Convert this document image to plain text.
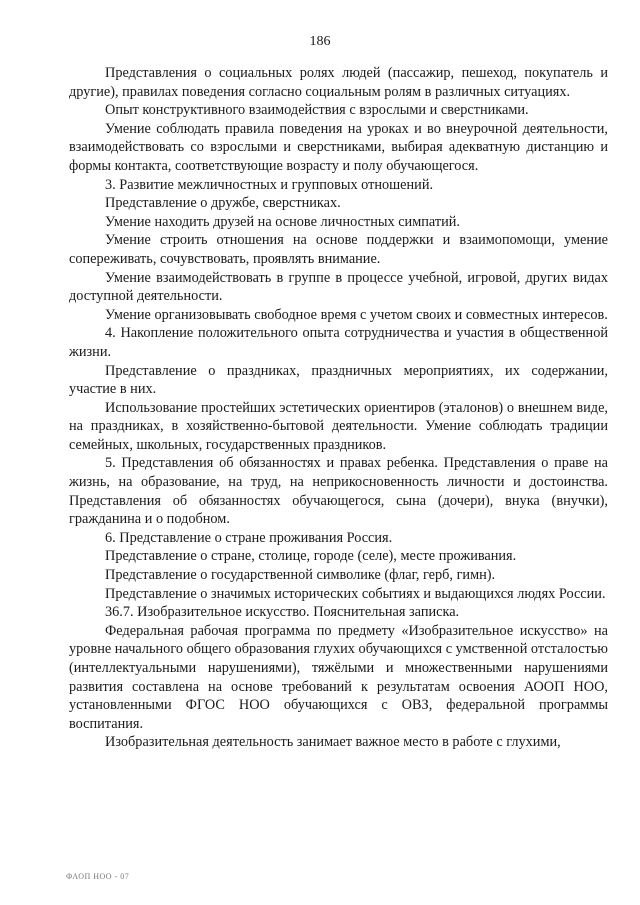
186

Представления о социальных ролях людей (пассажир, пешеход, покупатель и другие), правилах поведения согласно социальным ролям в различных ситуациях.

Опыт конструктивного взаимодействия с взрослыми и сверстниками.

Умение соблюдать правила поведения на уроках и во внеурочной деятельности, взаимодействовать со взрослыми и сверстниками, выбирая адекватную дистанцию и формы контакта, соответствующие возрасту и полу обучающегося.

3. Развитие межличностных и групповых отношений.

Представление о дружбе, сверстниках.

Умение находить друзей на основе личностных симпатий.

Умение строить отношения на основе поддержки и взаимопомощи, умение сопереживать, сочувствовать, проявлять внимание.

Умение взаимодействовать в группе в процессе учебной, игровой, других видах доступной деятельности.

Умение организовывать свободное время с учетом своих и совместных интересов.

4. Накопление положительного опыта сотрудничества и участия в общественной жизни.

Представление о праздниках, праздничных мероприятиях, их содержании, участие в них.

Использование простейших эстетических ориентиров (эталонов) о внешнем виде, на праздниках, в хозяйственно-бытовой деятельности. Умение соблюдать традиции семейных, школьных, государственных праздников.

5. Представления об обязанностях и правах ребенка. Представления о праве на жизнь, на образование, на труд, на неприкосновенность личности и достоинства. Представления об обязанностях обучающегося, сына (дочери), внука (внучки), гражданина и о подобном.

6. Представление о стране проживания Россия.

Представление о стране, столице, городе (селе), месте проживания.

Представление о государственной символике (флаг, герб, гимн).

Представление о значимых исторических событиях и выдающихся людях России.

36.7. Изобразительное искусство. Пояснительная записка.

Федеральная рабочая программа по предмету «Изобразительное искусство» на уровне начального общего образования глухих обучающихся с умственной отсталостью (интеллектуальными нарушениями), тяжёлыми и множественными нарушениями развития составлена на основе требований к результатам освоения АООП НОО, установленными ФГОС НОО обучающихся с ОВЗ, федеральной программы воспитания.

Изобразительная деятельность занимает важное место в работе с глухими,

ФАОП НОО - 07
